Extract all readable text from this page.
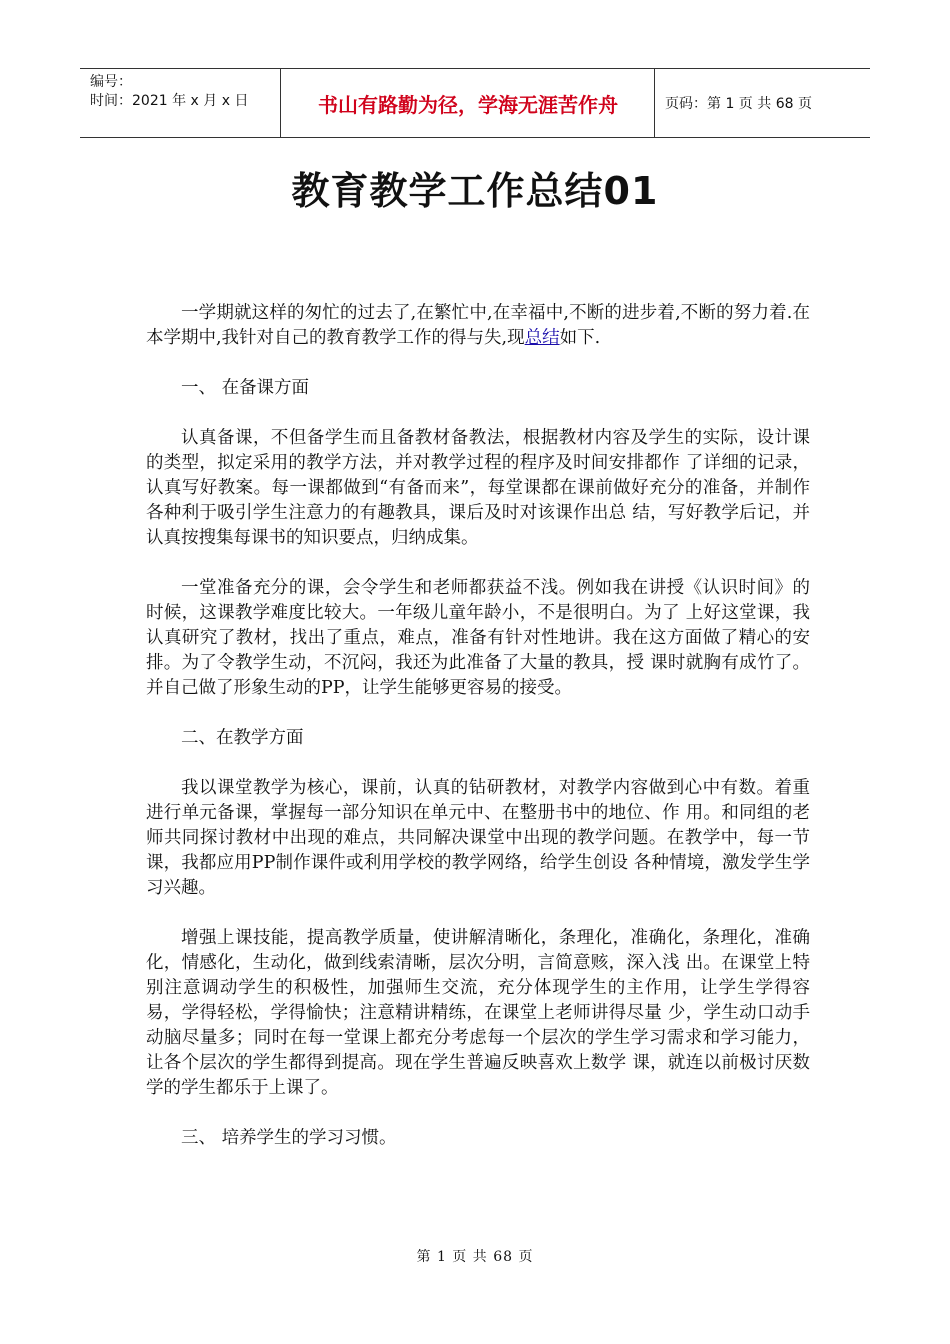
编号：
时间：2021 年 x 月 x 日	书山有路勤为径，学海无涯苦作舟	页码：第 1 页 共 68 页
教育教学工作总结01

一学期就这样的匆忙的过去了,在繁忙中,在幸福中,不断的进步着,不断的努力着.在本学期中,我针对自己的教育教学工作的得与失,现总结如下.

一、 在备课方面

认真备课，不但备学生而且备教材备教法，根据教材内容及学生的实际，设计课的类型，拟定采用的教学方法，并对教学过程的程序及时间安排都作 了详细的记录，认真写好教案。每一课都做到“有备而来”，每堂课都在课前做好充分的准备，并制作各种利于吸引学生注意力的有趣教具，课后及时对该课作出总 结，写好教学后记，并认真按搜集每课书的知识要点，归纳成集。

一堂准备充分的课，会令学生和老师都获益不浅。例如我在讲授《认识时间》的时候，这课教学难度比较大。一年级儿童年龄小，不是很明白。为了 上好这堂课，我认真研究了教材，找出了重点，难点，准备有针对性地讲。我在这方面做了精心的安排。为了令教学生动，不沉闷，我还为此准备了大量的教具，授 课时就胸有成竹了。并自己做了形象生动的PP，让学生能够更容易的接受。

二、在教学方面

我以课堂教学为核心，课前，认真的钻研教材，对教学内容做到心中有数。着重进行单元备课，掌握每一部分知识在单元中、在整册书中的地位、作 用。和同组的老师共同探讨教材中出现的难点，共同解决课堂中出现的教学问题。在教学中，每一节课，我都应用PP制作课件或利用学校的教学网络，给学生创设 各种情境，激发学生学习兴趣。

增强上课技能，提高教学质量，使讲解清晰化，条理化，准确化，条理化，准确化，情感化，生动化，做到线索清晰，层次分明，言简意赅，深入浅 出。在课堂上特别注意调动学生的积极性，加强师生交流，充分体现学生的主作用，让学生学得容易，学得轻松，学得愉快；注意精讲精练，在课堂上老师讲得尽量 少，学生动口动手动脑尽量多；同时在每一堂课上都充分考虑每一个层次的学生学习需求和学习能力，让各个层次的学生都得到提高。现在学生普遍反映喜欢上数学 课，就连以前极讨厌数学的学生都乐于上课了。

三、 培养学生的学习习惯。

第 1 页 共 68 页
